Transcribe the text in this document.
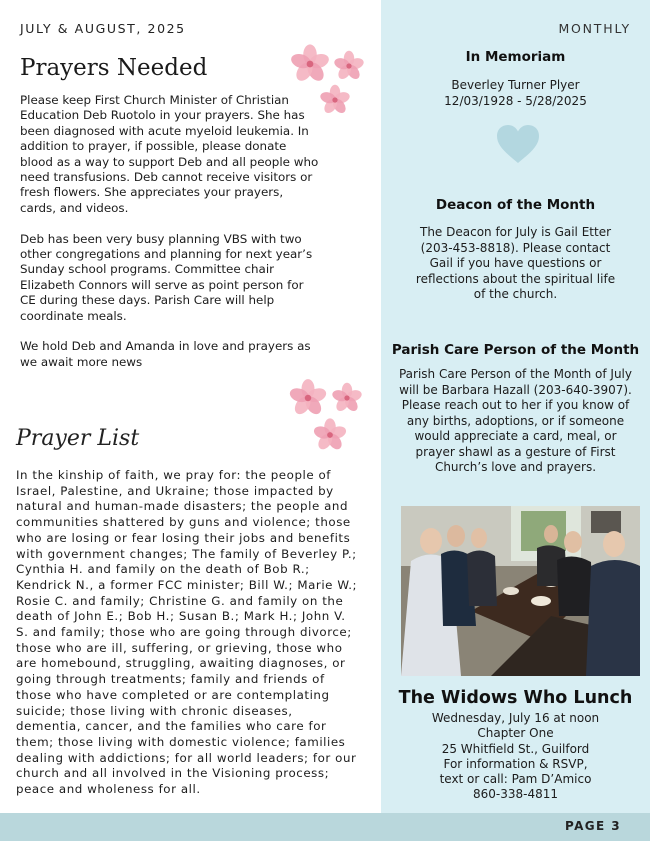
JULY & AUGUST, 2025	MONTHLY
Prayers Needed

Please keep First Church Minister of Christian Education Deb Ruotolo in your prayers. She has been diagnosed with acute myeloid leukemia. In addition to prayer, if possible, please donate blood as a way to support Deb and all people who need transfusions. Deb cannot receive visitors or fresh flowers. She appreciates your prayers, cards, and videos.

Deb has been very busy planning VBS with two other congregations and planning for next year’s Sunday school programs. Committee chair Elizabeth Connors will serve as point person for CE during these days. Parish Care will help coordinate meals.

We hold Deb and Amanda in love and prayers as we await more news

Prayer List
In the kinship of faith, we pray for: the people of Israel, Palestine, and Ukraine; those impacted by natural and human-made disasters; the people and communities shattered by guns and violence; those who are losing or fear losing their jobs and benefits with government changes; The family of Beverley P.; Cynthia H. and family on the death of Bob R.; Kendrick N., a former FCC minister; Bill W.; Marie W.; Rosie C. and family; Christine G. and family on the death of John E.; Bob H.; Susan B.; Mark H.; John V. S. and family; those who are going through divorce; those who are ill, suffering, or grieving, those who are homebound, struggling, awaiting diagnoses, or going through treatments; family and friends of those who have completed or are contemplating suicide; those living with chronic diseases, dementia, cancer, and the families who care for them; those living with domestic violence; families dealing with addictions; for all world leaders; for our church and all involved in the Visioning process; peace and wholeness for all.
In Memoriam
Beverley Turner Plyer
12/03/1928 - 5/28/2025
Deacon of the Month
The Deacon for July is Gail Etter (203-453-8818). Please contact Gail if you have questions or reflections about the spiritual life of the church.
Parish Care Person of the Month
Parish Care Person of the Month of July will be Barbara Hazall (203-640-3907). Please reach out to her if you know of any births, adoptions, or if someone would appreciate a card, meal, or prayer shawl as a gesture of First Church’s love and prayers.
The Widows Who Lunch
Wednesday, July 16 at noon
Chapter One
25 Whitfield St., Guilford
For information & RSVP,
text or call: Pam D’Amico
860-338-4811
PAGE 3
